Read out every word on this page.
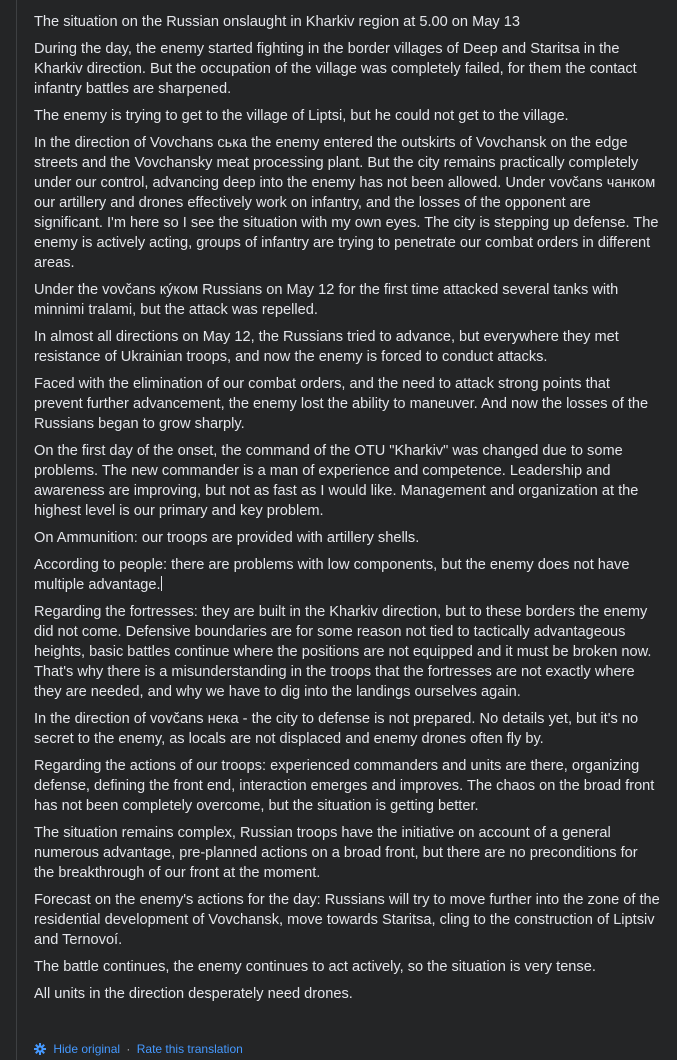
The situation on the Russian onslaught in Kharkiv region at 5.00 on May 13

During the day, the enemy started fighting in the border villages of Deep and Staritsa in the Kharkiv direction. But the occupation of the village was completely failed, for them the contact infantry battles are sharpened.

The enemy is trying to get to the village of Liptsi, but he could not get to the village.

In the direction of Vovchans ська the enemy entered the outskirts of Vovchansk on the edge streets and the Vovchansky meat processing plant. But the city remains practically completely under our control, advancing deep into the enemy has not been allowed. Under vovčans чанком our artillery and drones effectively work on infantry, and the losses of the opponent are significant. I'm here so I see the situation with my own eyes. The city is stepping up defense. The enemy is actively acting, groups of infantry are trying to penetrate our combat orders in different areas.

Under the vovčans кýком Russians on May 12 for the first time attacked several tanks with minnimi tralami, but the attack was repelled.

In almost all directions on May 12, the Russians tried to advance, but everywhere they met resistance of Ukrainian troops, and now the enemy is forced to conduct attacks.

Faced with the elimination of our combat orders, and the need to attack strong points that prevent further advancement, the enemy lost the ability to maneuver. And now the losses of the Russians began to grow sharply.

On the first day of the onset, the command of the OTU "Kharkiv" was changed due to some problems. The new commander is a man of experience and competence. Leadership and awareness are improving, but not as fast as I would like. Management and organization at the highest level is our primary and key problem.

On Ammunition: our troops are provided with artillery shells.

According to people: there are problems with low components, but the enemy does not have multiple advantage.

Regarding the fortresses: they are built in the Kharkiv direction, but to these borders the enemy did not come. Defensive boundaries are for some reason not tied to tactically advantageous heights, basic battles continue where the positions are not equipped and it must be broken now. That's why there is a misunderstanding in the troops that the fortresses are not exactly where they are needed, and why we have to dig into the landings ourselves again.

In the direction of vovčans нека - the city to defense is not prepared. No details yet, but it's no secret to the enemy, as locals are not displaced and enemy drones often fly by.

Regarding the actions of our troops: experienced commanders and units are there, organizing defense, defining the front end, interaction emerges and improves. The chaos on the broad front has not been completely overcome, but the situation is getting better.

The situation remains complex, Russian troops have the initiative on account of a general numerous advantage, pre-planned actions on a broad front, but there are no preconditions for the breakthrough of our front at the moment.

Forecast on the enemy's actions for the day: Russians will try to move further into the zone of the residential development of Vovchansk, move towards Staritsa, cling to the construction of Liptsiv and Ternovoí.

The battle continues, the enemy continues to act actively, so the situation is very tense.

All units in the direction desperately need drones.

Hide original · Rate this translation
